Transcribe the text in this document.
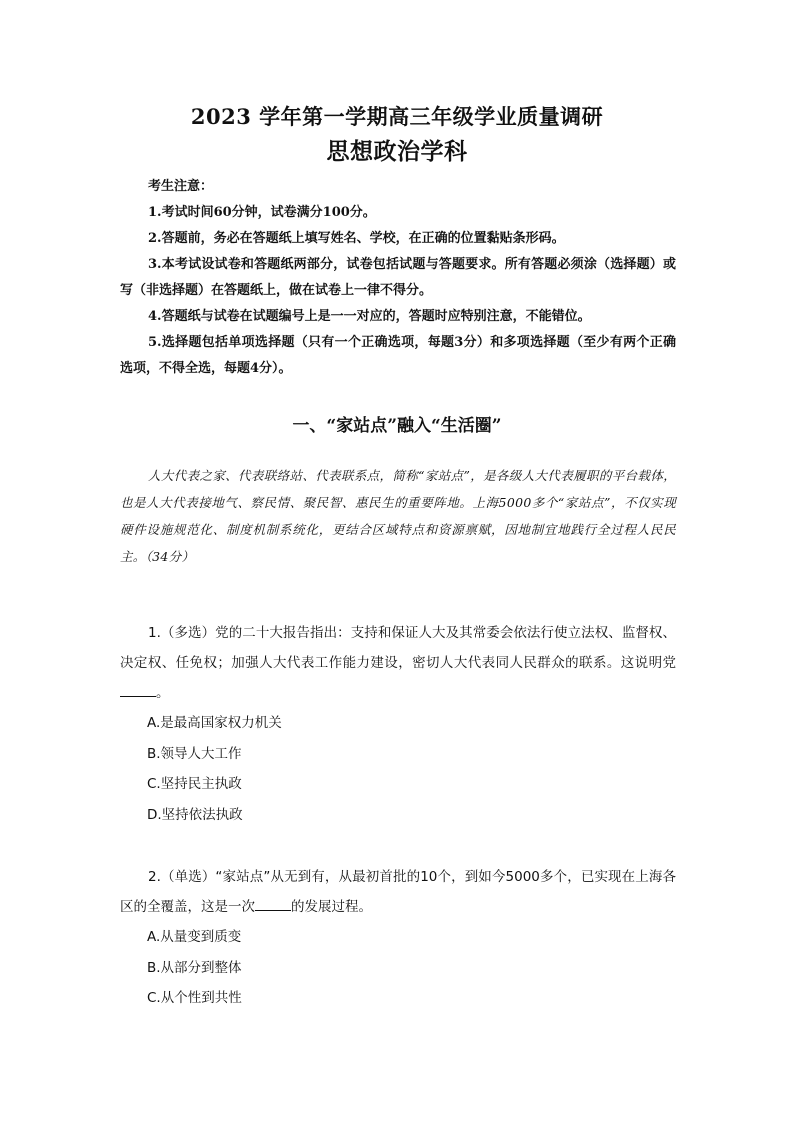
2023 学年第一学期高三年级学业质量调研
思想政治学科
考生注意：
1.考试时间60分钟，试卷满分100分。
2.答题前，务必在答题纸上填写姓名、学校，在正确的位置黏贴条形码。
3.本考试设试卷和答题纸两部分，试卷包括试题与答题要求。所有答题必须涂（选择题）或写（非选择题）在答题纸上，做在试卷上一律不得分。
4.答题纸与试卷在试题编号上是一一对应的，答题时应特别注意，不能错位。
5.选择题包括单项选择题（只有一个正确选项，每题3分）和多项选择题（至少有两个正确选项，不得全选，每题4分）。
一、“家站点”融入“生活圈”
人大代表之家、代表联络站、代表联系点，简称“家站点”，是各级人大代表履职的平台载体，也是人大代表接地气、察民情、聚民智、惠民生的重要阵地。上海5000多个“家站点”，不仅实现硬件设施规范化、制度机制系统化，更结合区域特点和资源禀赋，因地制宜地践行全过程人民民主。（34分）
1.（多选）党的二十大报告指出：支持和保证人大及其常委会依法行使立法权、监督权、决定权、任免权；加强人大代表工作能力建设，密切人大代表同人民群众的联系。这说明党。
A.是最高国家权力机关
B.领导人大工作
C.坚持民主执政
D.坚持依法执政
2.（单选）“家站点”从无到有，从最初首批的10个，到如今5000多个，已实现在上海各区的全覆盖，这是一次	的发展过程。
A.从量变到质变
B.从部分到整体
C.从个性到共性
